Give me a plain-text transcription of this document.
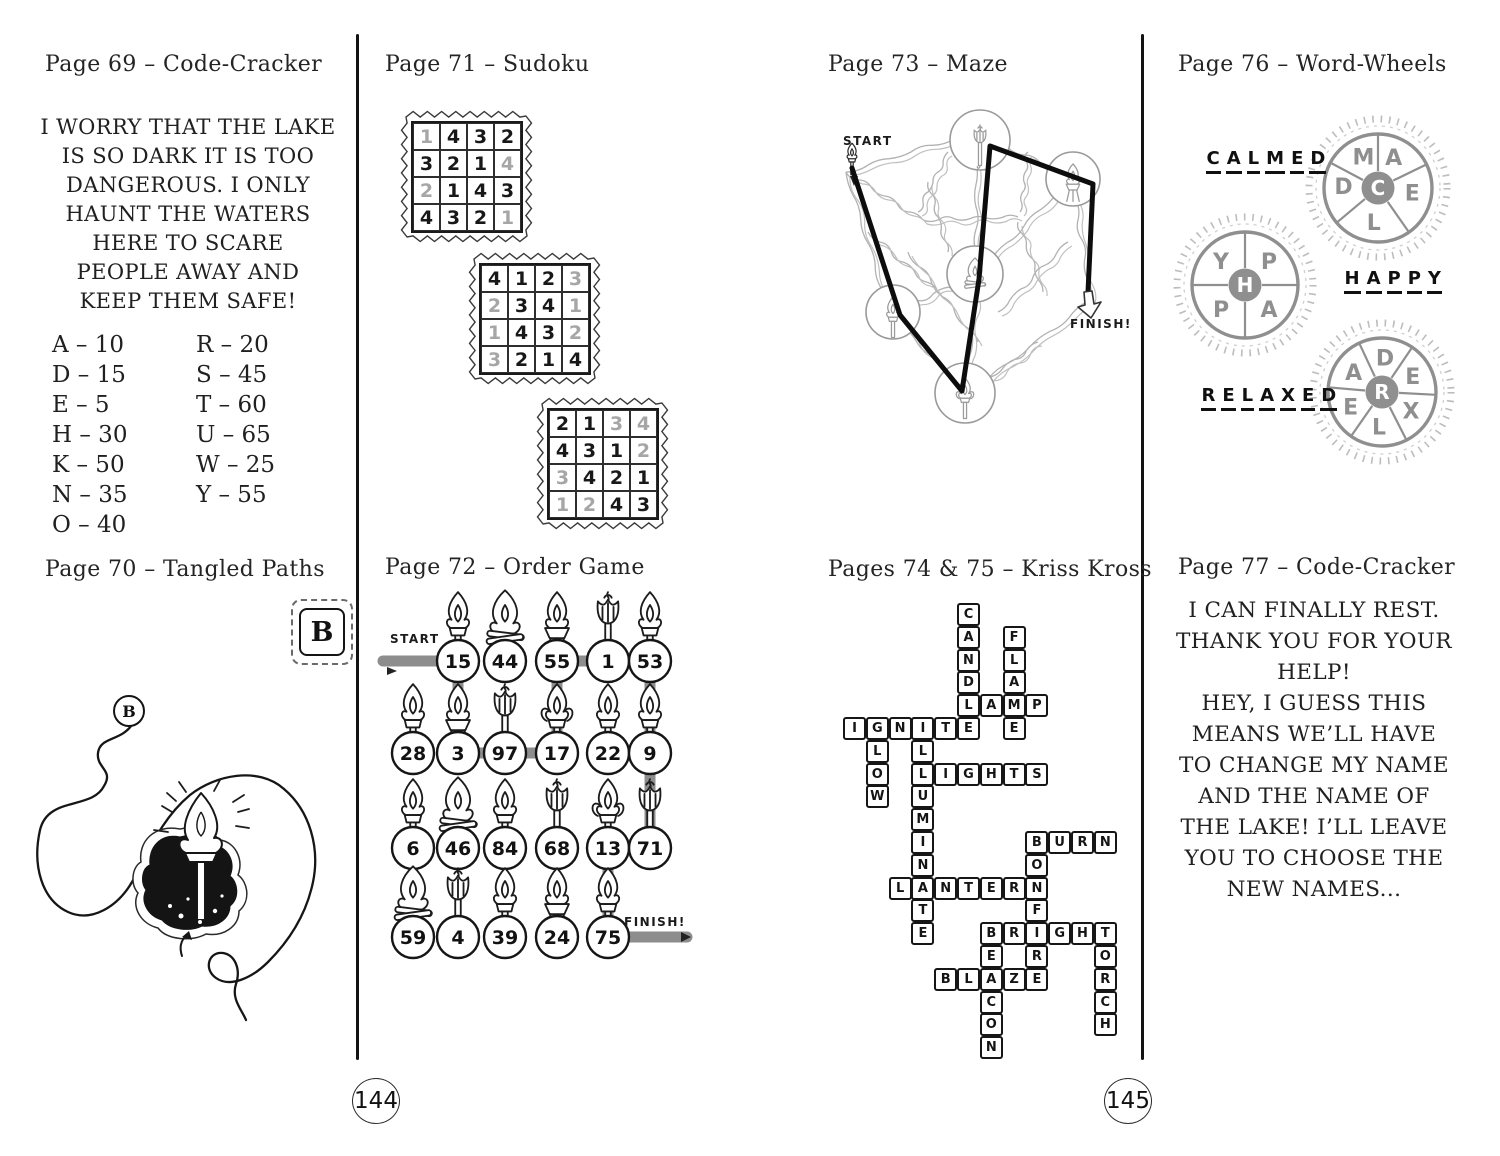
Page 69 – Code-Cracker
I WORRY THAT THE LAKE
IS SO DARK IT IS TOO
DANGEROUS. I ONLY
HAUNT THE WATERS
HERE TO SCARE
PEOPLE AWAY AND
KEEP THEM SAFE!
A – 10
D – 15
E – 5
H – 30
K – 50
N – 35
O – 40
R – 20
S – 45
T – 60
U – 65
W – 25
Y – 55
Page 70 – Tangled Paths
B
B
Page 71 – Sudoku
1 4 3 2
3 2 1 4
2 1 4 3
4 3 2 1
4 1 2 3
2 3 4 1
1 4 3 2
3 2 1 4
2 1 3 4
4 3 1 2
3 4 2 1
1 2 4 3
Page 72 – Order Game
15 44 55 1 53
28 3 97 17 22 9
6 46 84 68 13 71
59 4 39 24 75
START
FINISH!
Page 73 – Maze
START
FINISH!
Pages 74 & 75 – Kriss Kross
C
A
N
D
L
E
F
L
A
M
E
A	P
I	G N	I	T
L
O
W
L
L
U
M
I
N
A
T
E
I	G H T	S
B U R N
O
N
F
I
R
E
L	N T	E	R
B R	G H T
O
R
C
H
E
A
C
O
N
B	L	Z
Page 76 – Word-Wheels
C
M A
E
L
D
H
Y P
P A
R
D
E
X
L
E
A
C A L M E D
H A P P Y
R E L A X E D
Page 77 – Code-Cracker
I CAN FINALLY REST.
THANK YOU FOR YOUR
HELP!
HEY, I GUESS THIS
MEANS WE’LL HAVE
TO CHANGE MY NAME
AND THE NAME OF
THE LAKE! I’LL LEAVE
YOU TO CHOOSE THE
NEW NAMES...
144	145
